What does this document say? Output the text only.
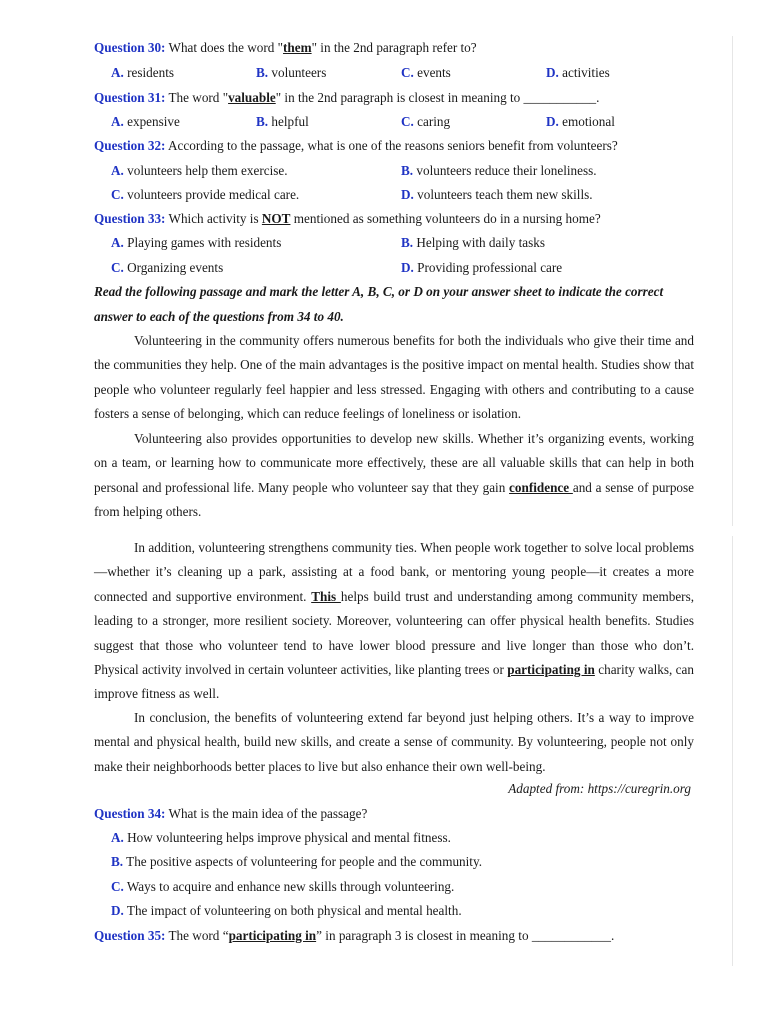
Question 30: What does the word "them" in the 2nd paragraph refer to?
A. residents	B. volunteers	C. events	D. activities
Question 31: The word "valuable" in the 2nd paragraph is closest in meaning to ___________.
A. expensive	B. helpful	C. caring	D. emotional
Question 32: According to the passage, what is one of the reasons seniors benefit from volunteers?
A. volunteers help them exercise.	B. volunteers reduce their loneliness.
C. volunteers provide medical care.	D. volunteers teach them new skills.
Question 33: Which activity is NOT mentioned as something volunteers do in a nursing home?
A. Playing games with residents	B. Helping with daily tasks
C. Organizing events	D. Providing professional care
Read the following passage and mark the letter A, B, C, or D on your answer sheet to indicate the correct
answer to each of the questions from 34 to 40.
Volunteering in the community offers numerous benefits for both the individuals who give their time and the communities they help. One of the main advantages is the positive impact on mental health. Studies show that people who volunteer regularly feel happier and less stressed. Engaging with others and contributing to a cause fosters a sense of belonging, which can reduce feelings of loneliness or isolation.
Volunteering also provides opportunities to develop new skills. Whether it’s organizing events, working on a team, or learning how to communicate more effectively, these are all valuable skills that can help in both personal and professional life. Many people who volunteer say that they gain confidence and a sense of purpose from helping others.
In addition, volunteering strengthens community ties. When people work together to solve local problems—whether it’s cleaning up a park, assisting at a food bank, or mentoring young people—it creates a more connected and supportive environment. This helps build trust and understanding among community members, leading to a stronger, more resilient society. Moreover, volunteering can offer physical health benefits. Studies suggest that those who volunteer tend to have lower blood pressure and live longer than those who don’t. Physical activity involved in certain volunteer activities, like planting trees or participating in charity walks, can improve fitness as well.
In conclusion, the benefits of volunteering extend far beyond just helping others. It’s a way to improve mental and physical health, build new skills, and create a sense of community. By volunteering, people not only make their neighborhoods better places to live but also enhance their own well-being.
Adapted from: https://curegrin.org
Question 34: What is the main idea of the passage?
A. How volunteering helps improve physical and mental fitness.
B. The positive aspects of volunteering for people and the community.
C. Ways to acquire and enhance new skills through volunteering.
D. The impact of volunteering on both physical and mental health.
Question 35: The word “participating in” in paragraph 3 is closest in meaning to ____________.
